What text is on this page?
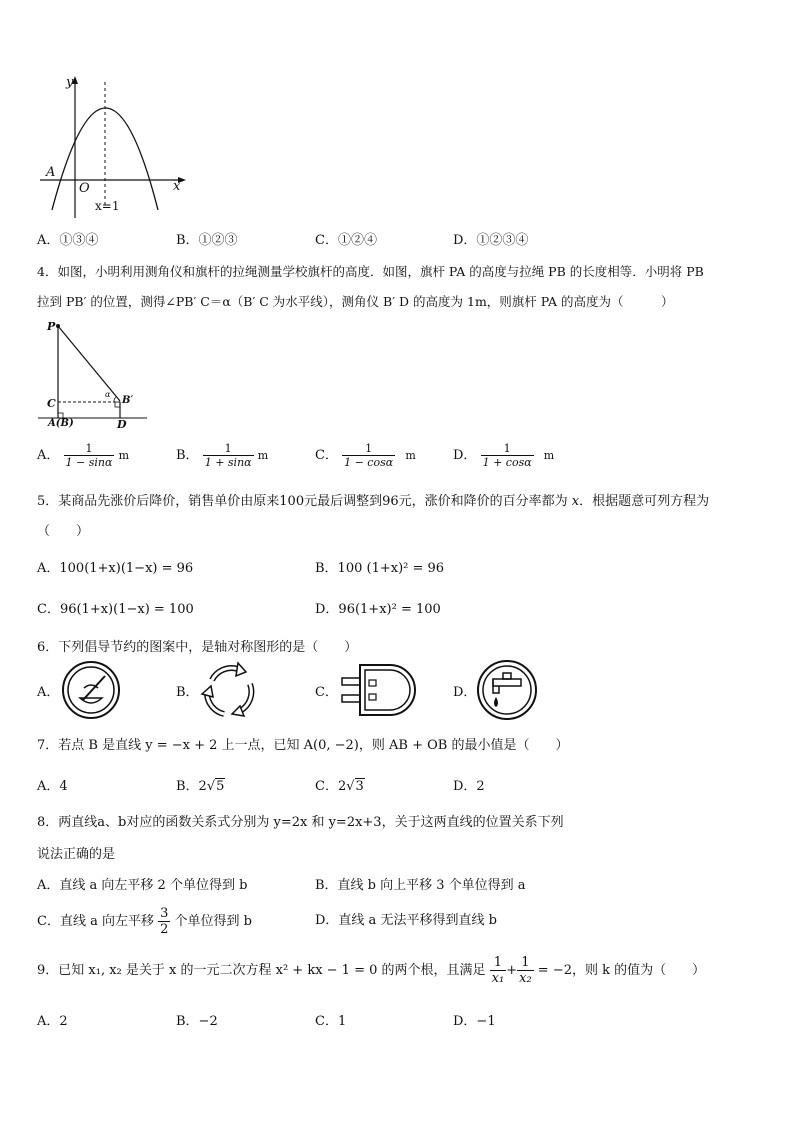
y
x
O
A
x=1
A．①③④	B．①②③	C．①②④	D．①②③④
4．如图，小明利用测角仪和旗杆的拉绳测量学校旗杆的高度．如图，旗杆 PA 的高度与拉绳 PB 的长度相等．小明将 PB
拉到 PB′ 的位置，测得∠PB′ C＝α（B′ C 为水平线），测角仪 B′ D 的高度为 1m，则旗杆 PA 的高度为（　　　）
P
C
A(B)	D
B′
α
A． $\frac{1}{1 - \sin\alpha}$ m	B． $\frac{1}{1 + \sin\alpha}$ m	C． $\frac{1}{1 - \cos\alpha}$ m	D． $\frac{1}{1 + \cos\alpha}$ m
5．某商品先涨价后降价，销售单价由原来100元最后调整到96元，涨价和降价的百分率都为 x．根据题意可列方程为
（　　）
A．100(1+x)(1−x) = 96	B．100 (1+x)² = 96
C．96(1+x)(1−x) = 100	D．96(1+x)² = 100
6．下列倡导节约的图案中，是轴对称图形的是（　　）
A．	B．	C．	D．
7．若点 B 是直线 y = −x + 2 上一点，已知 A(0, −2)，则 AB + OB 的最小值是（　　）
A．4	B．2√5	C．2√3	D．2
8．两直线a、b对应的函数关系式分别为 y=2x 和 y=2x+3，关于这两直线的位置关系下列
说法正确的是
A．直线 a 向左平移 2 个单位得到 b	B．直线 b 向上平移 3 个单位得到 a
C．直线 a 向左平移 $\frac{3}{2}$ 个单位得到 b	D．直线 a 无法平移得到直线 b
9．已知 x₁, x₂ 是关于 x 的一元二次方程 x² + kx − 1 = 0 的两个根，且满足 $\frac{1}{\text{x₁}} + \frac{1}{\text{x₂}} = -2$，则 k 的值为（　　）
A．2	B．−2	C．1	D．−1
